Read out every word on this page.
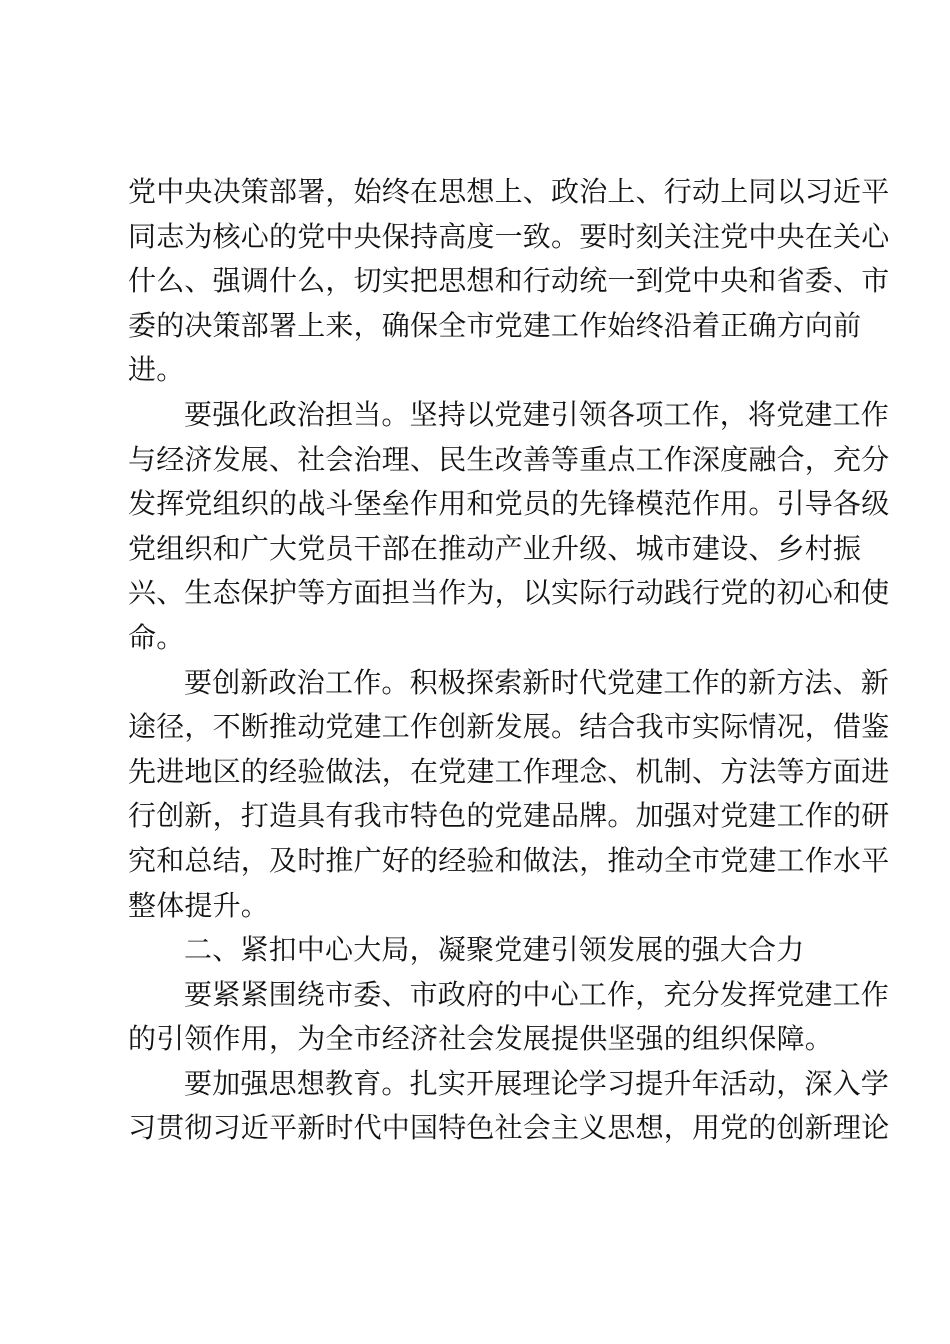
党中央决策部署，始终在思想上、政治上、行动上同以习近平
同志为核心的党中央保持高度一致。要时刻关注党中央在关心
什么、强调什么，切实把思想和行动统一到党中央和省委、市
委的决策部署上来，确保全市党建工作始终沿着正确方向前
进。
要强化政治担当。坚持以党建引领各项工作，将党建工作
与经济发展、社会治理、民生改善等重点工作深度融合，充分
发挥党组织的战斗堡垒作用和党员的先锋模范作用。引导各级
党组织和广大党员干部在推动产业升级、城市建设、乡村振
兴、生态保护等方面担当作为，以实际行动践行党的初心和使
命。
要创新政治工作。积极探索新时代党建工作的新方法、新
途径，不断推动党建工作创新发展。结合我市实际情况，借鉴
先进地区的经验做法，在党建工作理念、机制、方法等方面进
行创新，打造具有我市特色的党建品牌。加强对党建工作的研
究和总结，及时推广好的经验和做法，推动全市党建工作水平
整体提升。
二、紧扣中心大局，凝聚党建引领发展的强大合力
要紧紧围绕市委、市政府的中心工作，充分发挥党建工作
的引领作用，为全市经济社会发展提供坚强的组织保障。
要加强思想教育。扎实开展理论学习提升年活动，深入学
习贯彻习近平新时代中国特色社会主义思想，用党的创新理论
